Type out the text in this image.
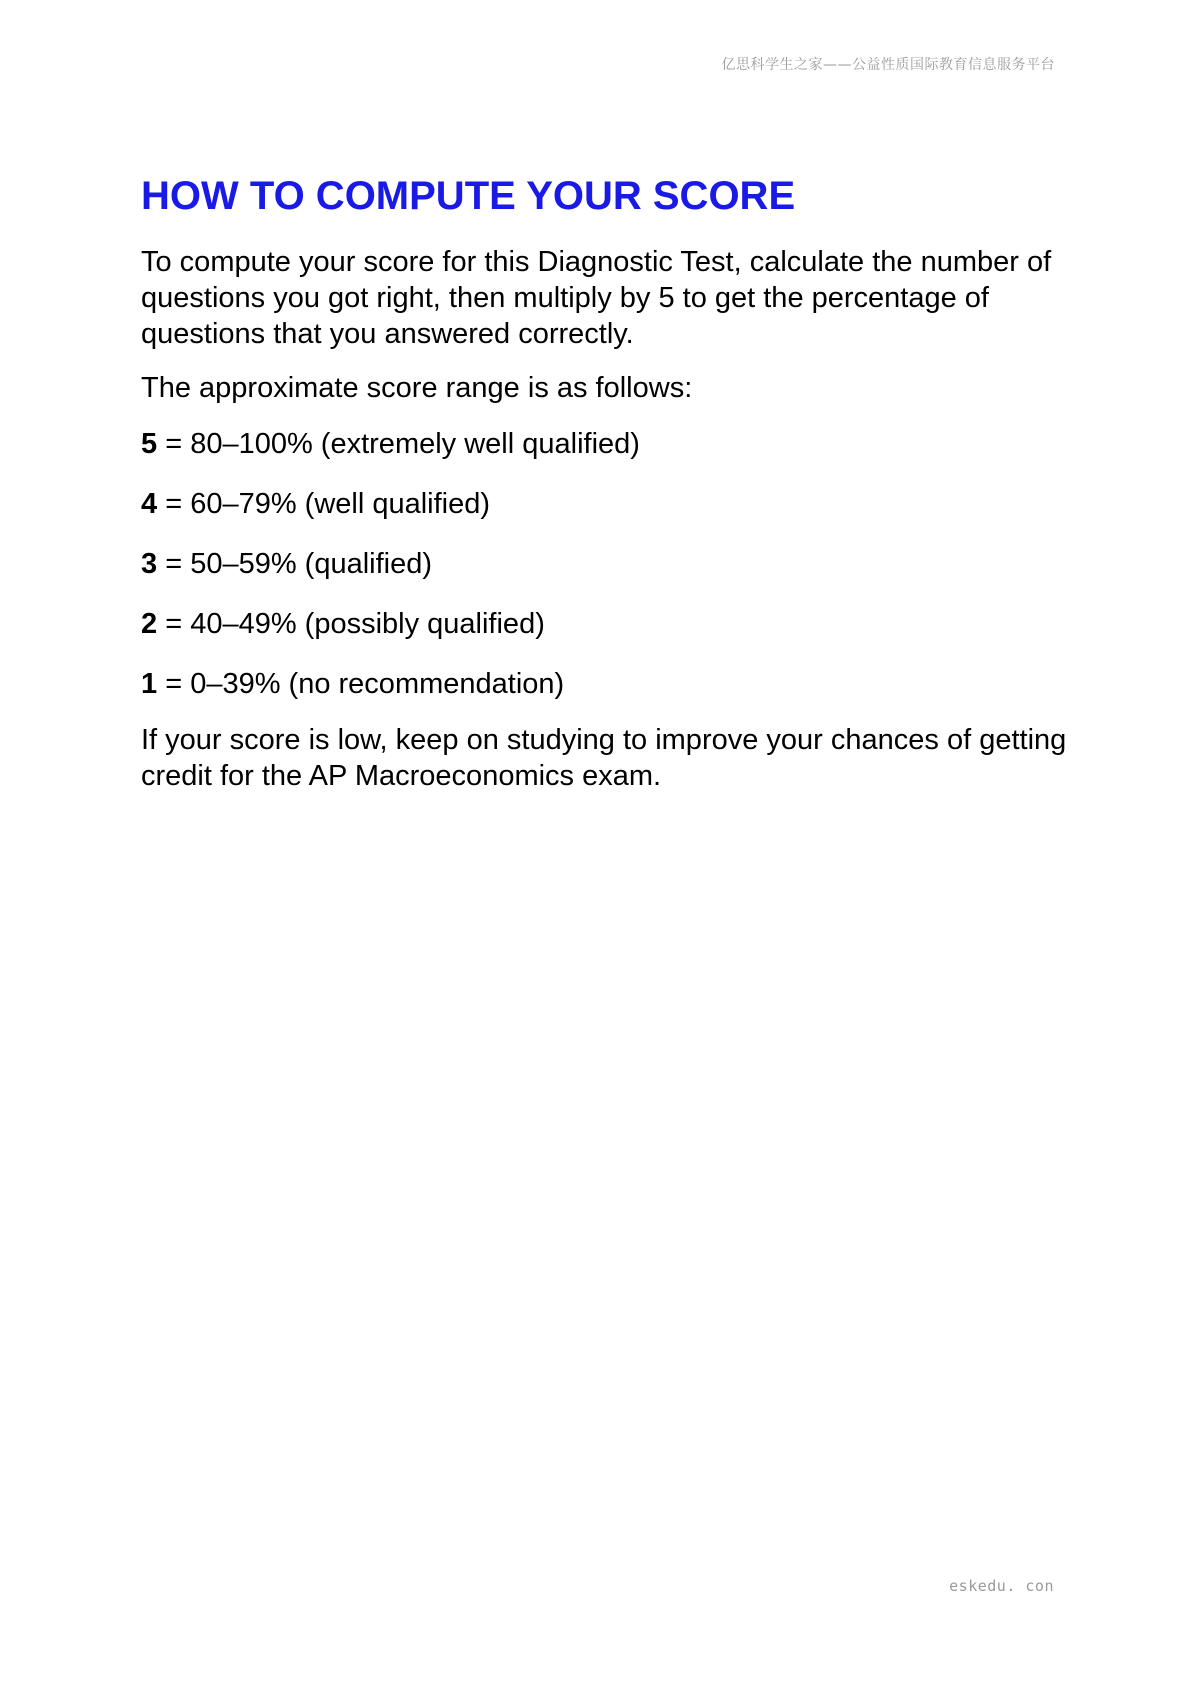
亿思科学生之家——公益性质国际教育信息服务平台
HOW TO COMPUTE YOUR SCORE

To compute your score for this Diagnostic Test, calculate the number of questions you got right, then multiply by 5 to get the percentage of questions that you answered correctly.

The approximate score range is as follows:

5 = 80–100% (extremely well qualified)

4 = 60–79% (well qualified)

3 = 50–59% (qualified)

2 = 40–49% (possibly qualified)

1 = 0–39% (no recommendation)

If your score is low, keep on studying to improve your chances of getting credit for the AP Macroeconomics exam.

eskedu. con
